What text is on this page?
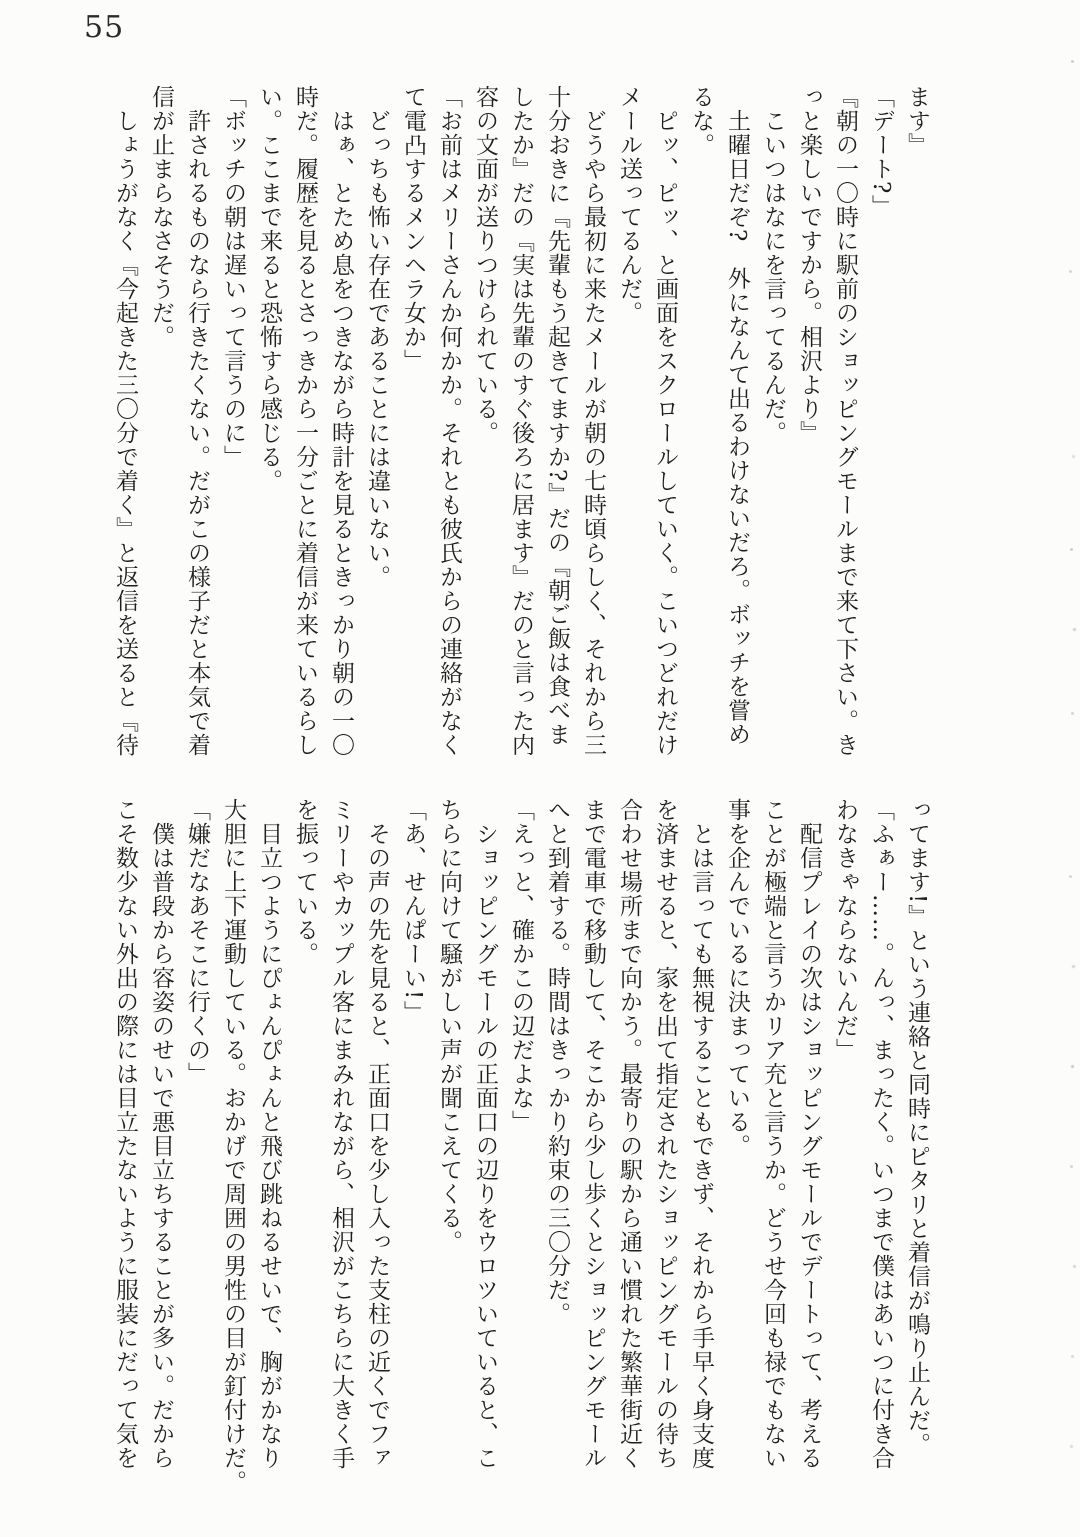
55
ます』
「デート?」
『朝の一〇時に駅前のショッピングモールまで来て下さい。き
っと楽しいですから。相沢より』
こいつはなにを言ってるんだ。
土曜日だぞ?　外になんて出るわけないだろ。ボッチを嘗め
るな。
ピッ、ピッ、と画面をスクロールしていく。こいつどれだけ
メール送ってるんだ。
どうやら最初に来たメールが朝の七時頃らしく、それから三
十分おきに『先輩もう起きてますか?』だの『朝ご飯は食べま
したか』だの『実は先輩のすぐ後ろに居ます』だのと言った内
容の文面が送りつけられている。
「お前はメリーさんか何かか。それとも彼氏からの連絡がなく
て電凸するメンヘラ女か」
どっちも怖い存在であることには違いない。
はぁ、とため息をつきながら時計を見るときっかり朝の一〇
時だ。履歴を見るとさっきから一分ごとに着信が来ているらし
い。ここまで来ると恐怖すら感じる。
「ボッチの朝は遅いって言うのに」
許されるものなら行きたくない。だがこの様子だと本気で着
信が止まらなさそうだ。
しょうがなく『今起きた三〇分で着く』と返信を送ると『待
ってます!』という連絡と同時にピタリと着信が鳴り止んだ。
「ふぁー……。んっ、まったく。いつまで僕はあいつに付き合
わなきゃならないんだ」
配信プレイの次はショッピングモールでデートって、考える
ことが極端と言うかリア充と言うか。どうせ今回も禄でもない
事を企んでいるに決まっている。
とは言っても無視することもできず、それから手早く身支度
を済ませると、家を出て指定されたショッピングモールの待ち
合わせ場所まで向かう。最寄りの駅から通い慣れた繁華街近く
まで電車で移動して、そこから少し歩くとショッピングモール
へと到着する。時間はきっかり約束の三〇分だ。
「えっと、確かこの辺だよな」
ショッピングモールの正面口の辺りをウロツいていると、こ
ちらに向けて騒がしい声が聞こえてくる。
「あ、せんぱーい!」
その声の先を見ると、正面口を少し入った支柱の近くでファ
ミリーやカップル客にまみれながら、相沢がこちらに大きく手
を振っている。
目立つようにぴょんぴょんと飛び跳ねるせいで、胸がかなり
大胆に上下運動している。おかげで周囲の男性の目が釘付けだ。
「嫌だなあそこに行くの」
僕は普段から容姿のせいで悪目立ちすることが多い。だから
こそ数少ない外出の際には目立たないように服装にだって気を
